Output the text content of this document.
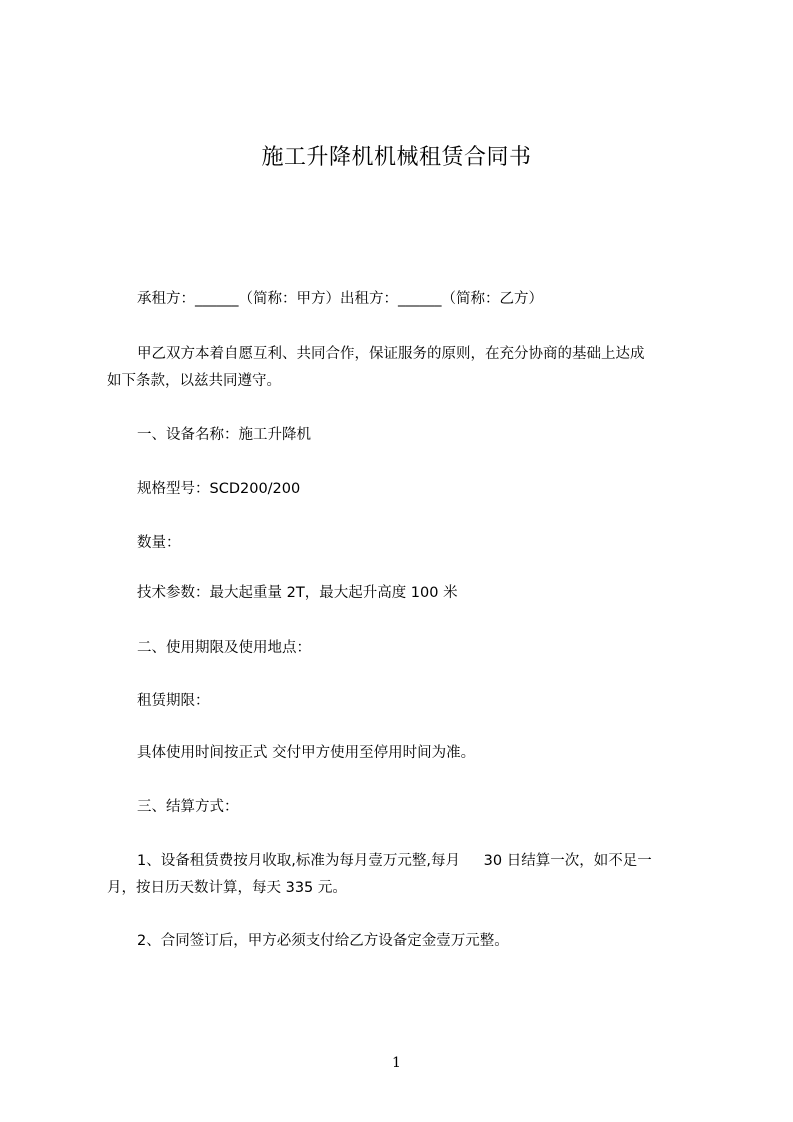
施工升降机机械租赁合同书
承租方：______（简称：甲方）出租方：______（简称：乙方）
甲乙双方本着自愿互利、共同合作，保证服务的原则，在充分协商的基础上达成
如下条款，以兹共同遵守。
一、设备名称：施工升降机
规格型号：SCD200/200
数量：
技术参数：最大起重量 2T，最大起升高度 100 米
二、使用期限及使用地点：
租赁期限：
具体使用时间按正式 交付甲方使用至停用时间为准。
三、结算方式：
1、设备租赁费按月收取,标准为每月壹万元整,每月 　 30 日结算一次，如不足一
月，按日历天数计算，每天 335 元。
2、合同签订后，甲方必须支付给乙方设备定金壹万元整。
1
